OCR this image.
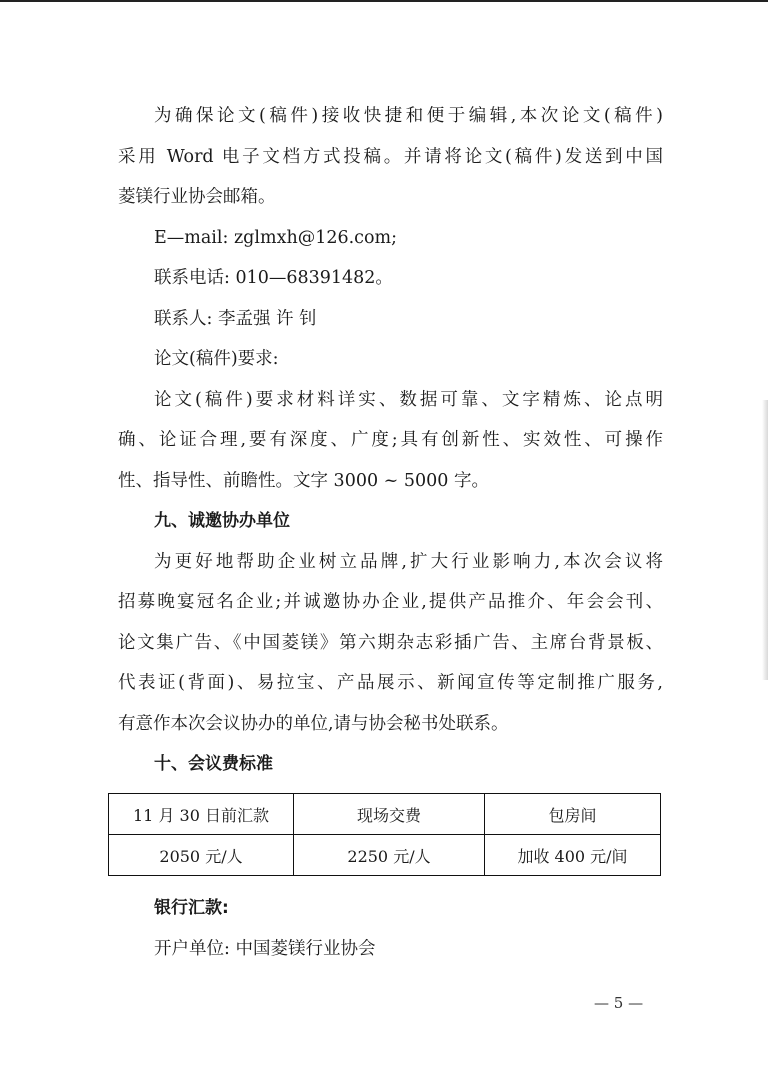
为确保论文(稿件)接收快捷和便于编辑,本次论文(稿件)
采用 Word 电子文档方式投稿。并请将论文(稿件)发送到中国
菱镁行业协会邮箱。
E—mail: zglmxh@126.com;
联系电话: 010—68391482。
联系人: 李孟强 许 钊
论文(稿件)要求:
论文(稿件)要求材料详实、数据可靠、文字精炼、论点明
确、论证合理,要有深度、广度;具有创新性、实效性、可操作
性、指导性、前瞻性。文字 3000 ~ 5000 字。
九、诚邀协办单位
为更好地帮助企业树立品牌,扩大行业影响力,本次会议将
招募晚宴冠名企业;并诚邀协办企业,提供产品推介、年会会刊、
论文集广告、《中国菱镁》第六期杂志彩插广告、主席台背景板、
代表证(背面)、易拉宝、产品展示、新闻宣传等定制推广服务,
有意作本次会议协办的单位,请与协会秘书处联系。
十、会议费标准
11 月 30 日前汇款	现场交费	包房间
2050 元/人	2250 元/人	加收 400 元/间
银行汇款:
开户单位: 中国菱镁行业协会
— 5 —
